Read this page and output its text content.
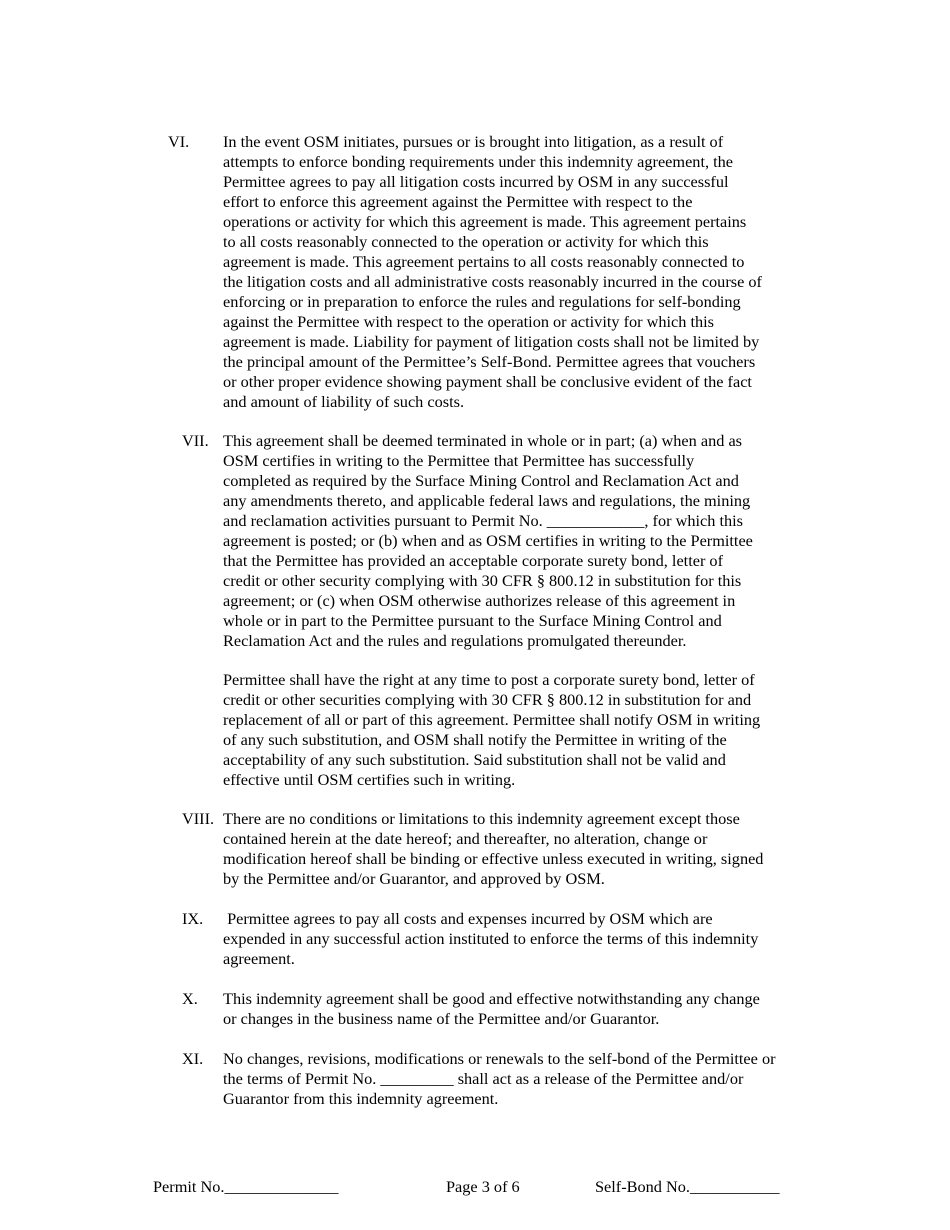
VI. In the event OSM initiates, pursues or is brought into litigation, as a result of
attempts to enforce bonding requirements under this indemnity agreement, the
Permittee agrees to pay all litigation costs incurred by OSM in any successful
effort to enforce this agreement against the Permittee with respect to the
operations or activity for which this agreement is made. This agreement pertains
to all costs reasonably connected to the operation or activity for which this
agreement is made. This agreement pertains to all costs reasonably connected to
the litigation costs and all administrative costs reasonably incurred in the course of
enforcing or in preparation to enforce the rules and regulations for self-bonding
against the Permittee with respect to the operation or activity for which this
agreement is made. Liability for payment of litigation costs shall not be limited by
the principal amount of the Permittee’s Self-Bond. Permittee agrees that vouchers
or other proper evidence showing payment shall be conclusive evident of the fact
and amount of liability of such costs.
VII. This agreement shall be deemed terminated in whole or in part; (a) when and as
OSM certifies in writing to the Permittee that Permittee has successfully
completed as required by the Surface Mining Control and Reclamation Act and
any amendments thereto, and applicable federal laws and regulations, the mining
and reclamation activities pursuant to Permit No. ____________, for which this
agreement is posted; or (b) when and as OSM certifies in writing to the Permittee
that the Permittee has provided an acceptable corporate surety bond, letter of
credit or other security complying with 30 CFR § 800.12 in substitution for this
agreement; or (c) when OSM otherwise authorizes release of this agreement in
whole or in part to the Permittee pursuant to the Surface Mining Control and
Reclamation Act and the rules and regulations promulgated thereunder.
Permittee shall have the right at any time to post a corporate surety bond, letter of
credit or other securities complying with 30 CFR § 800.12 in substitution for and
replacement of all or part of this agreement. Permittee shall notify OSM in writing
of any such substitution, and OSM shall notify the Permittee in writing of the
acceptability of any such substitution. Said substitution shall not be valid and
effective until OSM certifies such in writing.
VIII. There are no conditions or limitations to this indemnity agreement except those
contained herein at the date hereof; and thereafter, no alteration, change or
modification hereof shall be binding or effective unless executed in writing, signed
by the Permittee and/or Guarantor, and approved by OSM.
IX. Permittee agrees to pay all costs and expenses incurred by OSM which are
expended in any successful action instituted to enforce the terms of this indemnity
agreement.
X. This indemnity agreement shall be good and effective notwithstanding any change
or changes in the business name of the Permittee and/or Guarantor.
XI. No changes, revisions, modifications or renewals to the self-bond of the Permittee or
the terms of Permit No. _________ shall act as a release of the Permittee and/or
Guarantor from this indemnity agreement.
Permit No.______________	Page 3 of 6	Self-Bond No.___________
